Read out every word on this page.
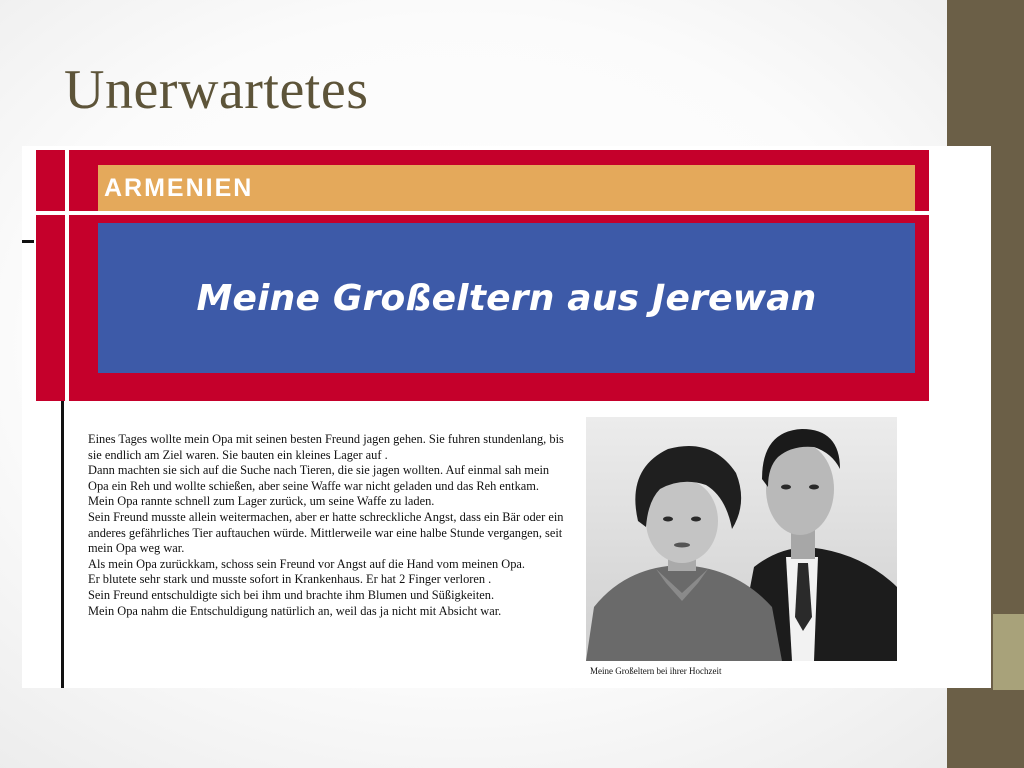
Unerwartetes
ARMENIEN
Meine Großeltern aus Jerewan

Eines Tages wollte mein Opa mit seinen besten Freund jagen gehen. Sie fuhren stundenlang, bis sie endlich am Ziel waren. Sie bauten ein kleines Lager auf .

Dann machten sie sich auf die Suche nach Tieren, die sie jagen wollten. Auf einmal sah mein Opa ein Reh und wollte schießen, aber seine Waffe war nicht geladen und das Reh entkam.

Mein Opa rannte schnell zum Lager zurück, um seine Waffe zu laden.

Sein Freund musste allein weitermachen, aber er hatte schreckliche Angst, dass ein Bär oder ein anderes gefährliches Tier auftauchen würde. Mittlerweile war eine halbe Stunde vergangen, seit mein Opa weg war.

Als mein Opa zurückkam, schoss sein Freund vor Angst auf die Hand vom meinen Opa.

Er blutete sehr stark und musste sofort in Krankenhaus. Er hat 2 Finger verloren .

Sein Freund entschuldigte sich bei ihm und brachte ihm Blumen und Süßigkeiten.

Mein Opa nahm die Entschuldigung natürlich an, weil das ja nicht mit Absicht war.

Meine Großeltern bei ihrer Hochzeit
